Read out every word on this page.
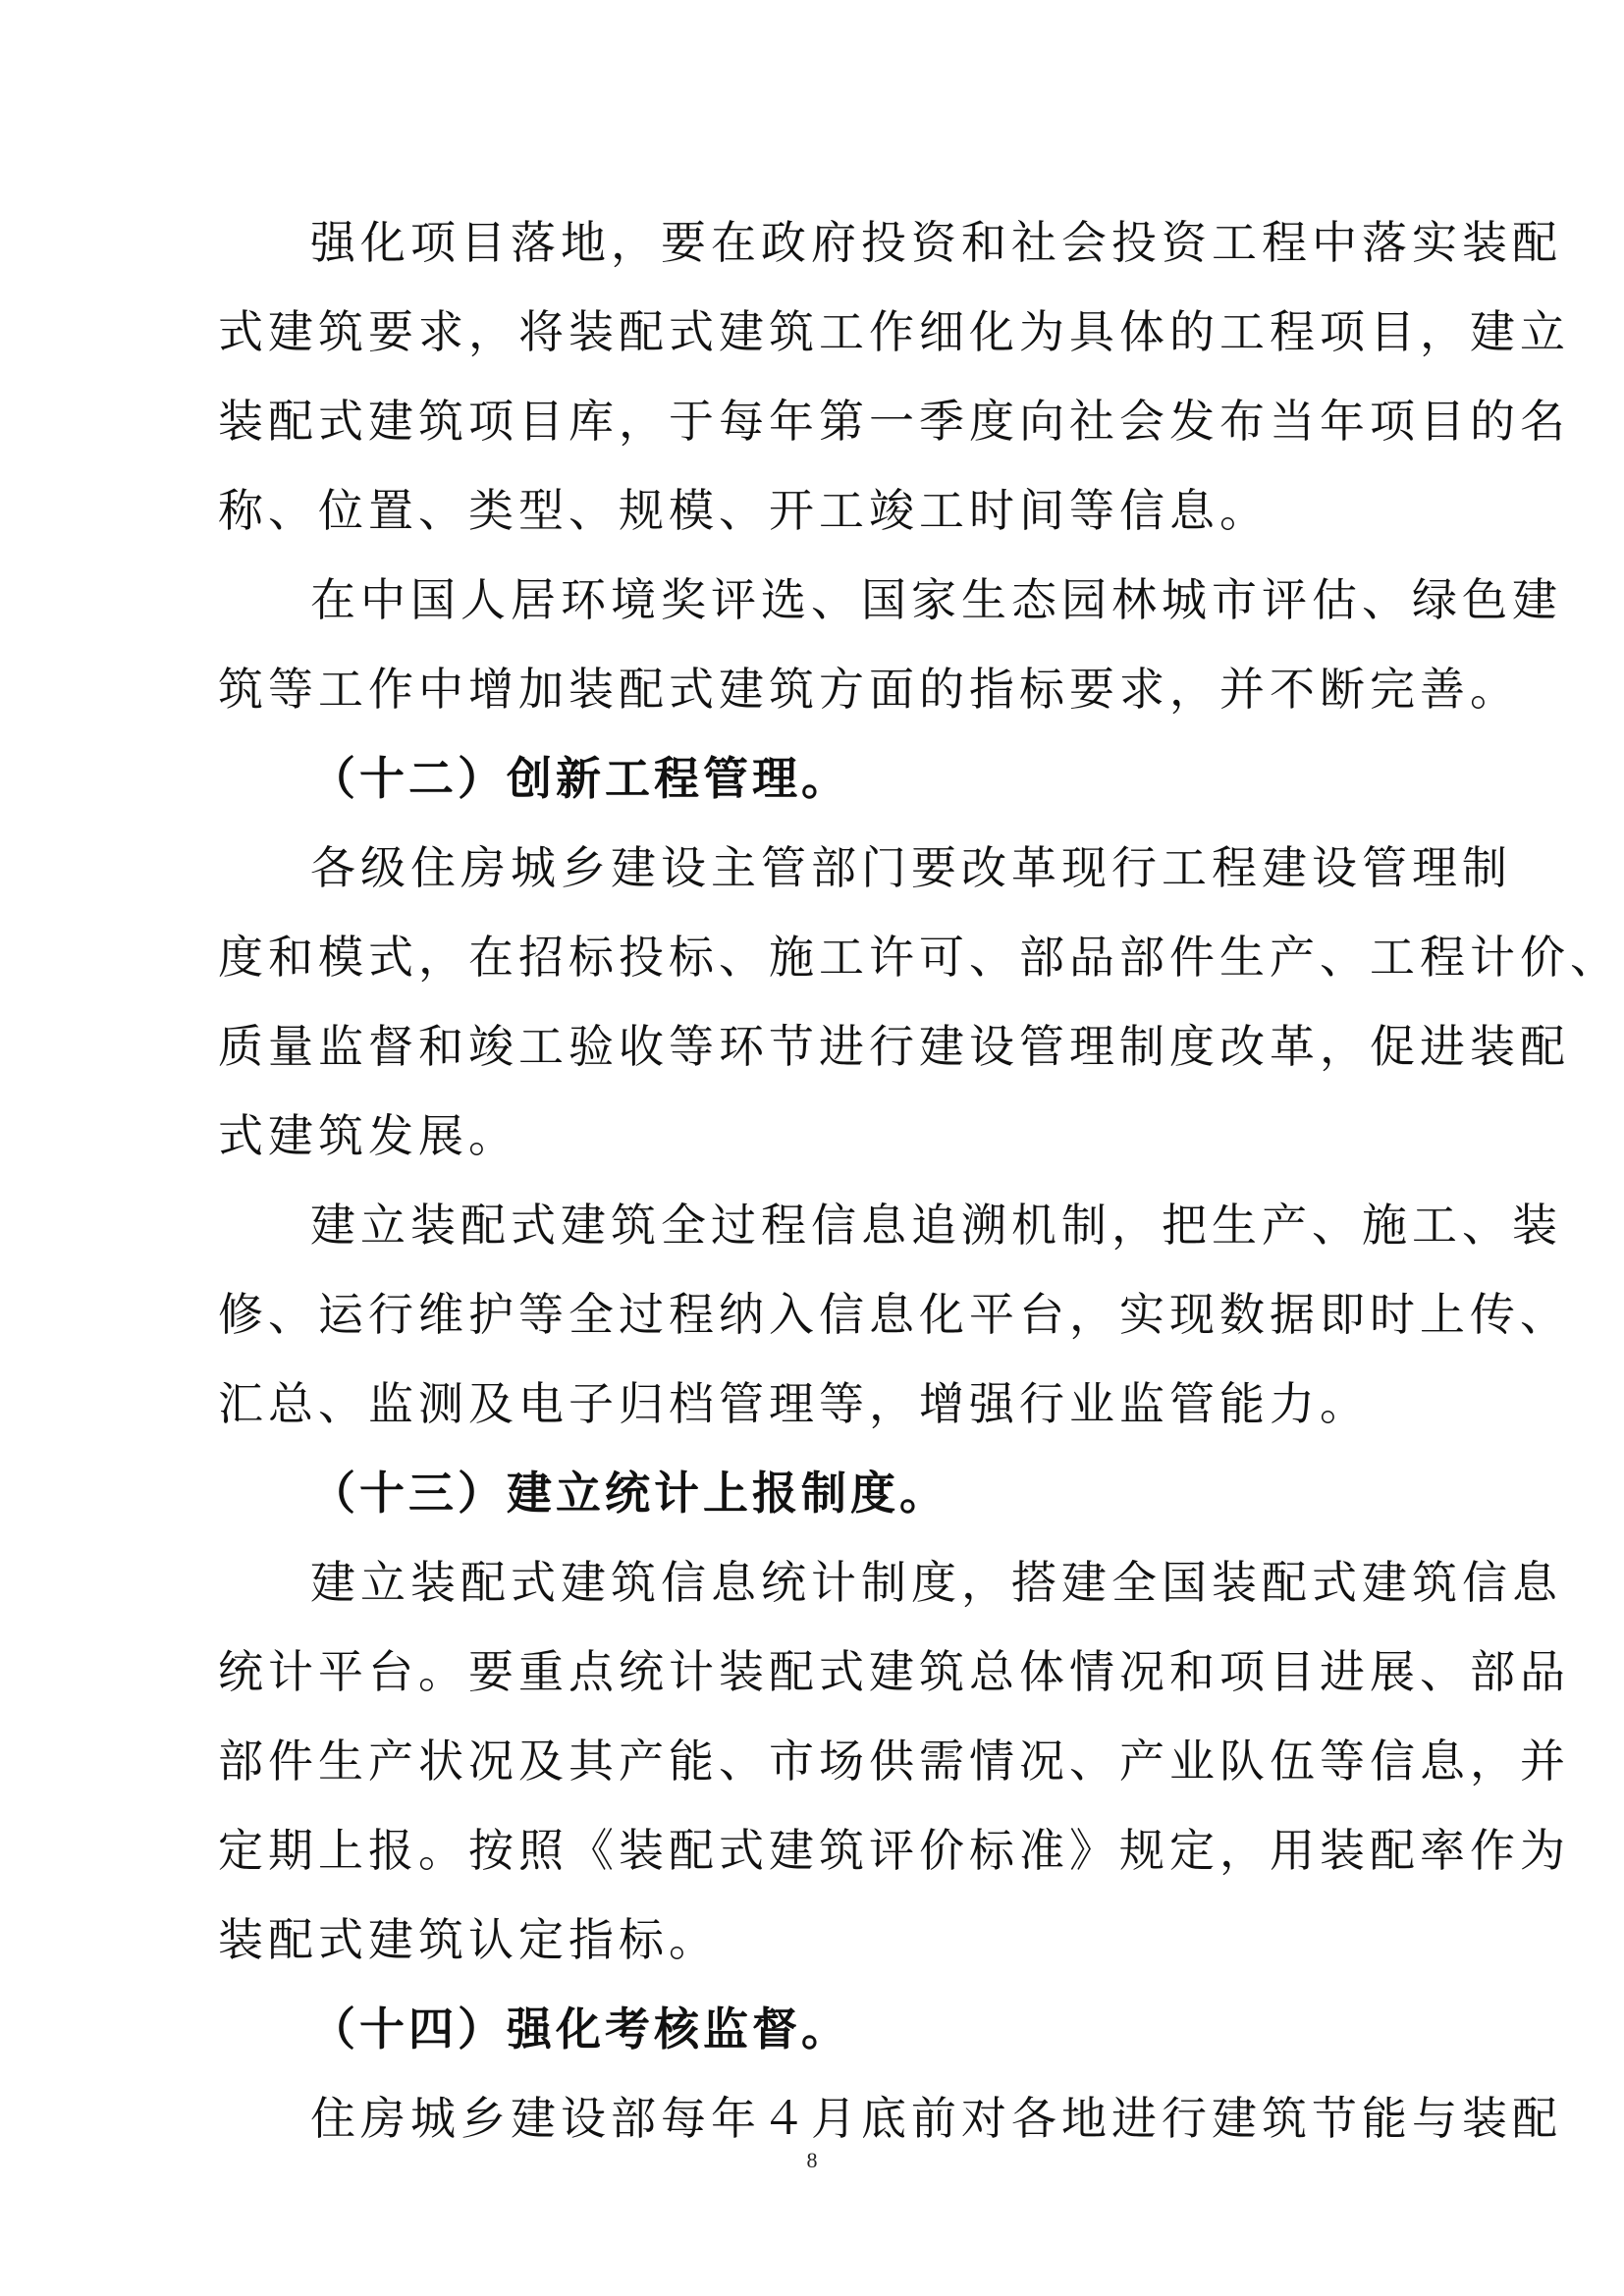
强化项目落地，要在政府投资和社会投资工程中落实装配
式建筑要求，将装配式建筑工作细化为具体的工程项目，建立
装配式建筑项目库，于每年第一季度向社会发布当年项目的名
称、位置、类型、规模、开工竣工时间等信息。
在中国人居环境奖评选、国家生态园林城市评估、绿色建
筑等工作中增加装配式建筑方面的指标要求，并不断完善。
（十二）创新工程管理。
各级住房城乡建设主管部门要改革现行工程建设管理制
度和模式，在招标投标、施工许可、部品部件生产、工程计价、
质量监督和竣工验收等环节进行建设管理制度改革，促进装配
式建筑发展。
建立装配式建筑全过程信息追溯机制，把生产、施工、装
修、运行维护等全过程纳入信息化平台，实现数据即时上传、
汇总、监测及电子归档管理等，增强行业监管能力。
（十三）建立统计上报制度。
建立装配式建筑信息统计制度，搭建全国装配式建筑信息
统计平台。要重点统计装配式建筑总体情况和项目进展、部品
部件生产状况及其产能、市场供需情况、产业队伍等信息，并
定期上报。按照《装配式建筑评价标准》规定，用装配率作为
装配式建筑认定指标。
（十四）强化考核监督。
住房城乡建设部每年４月底前对各地进行建筑节能与装配
8
